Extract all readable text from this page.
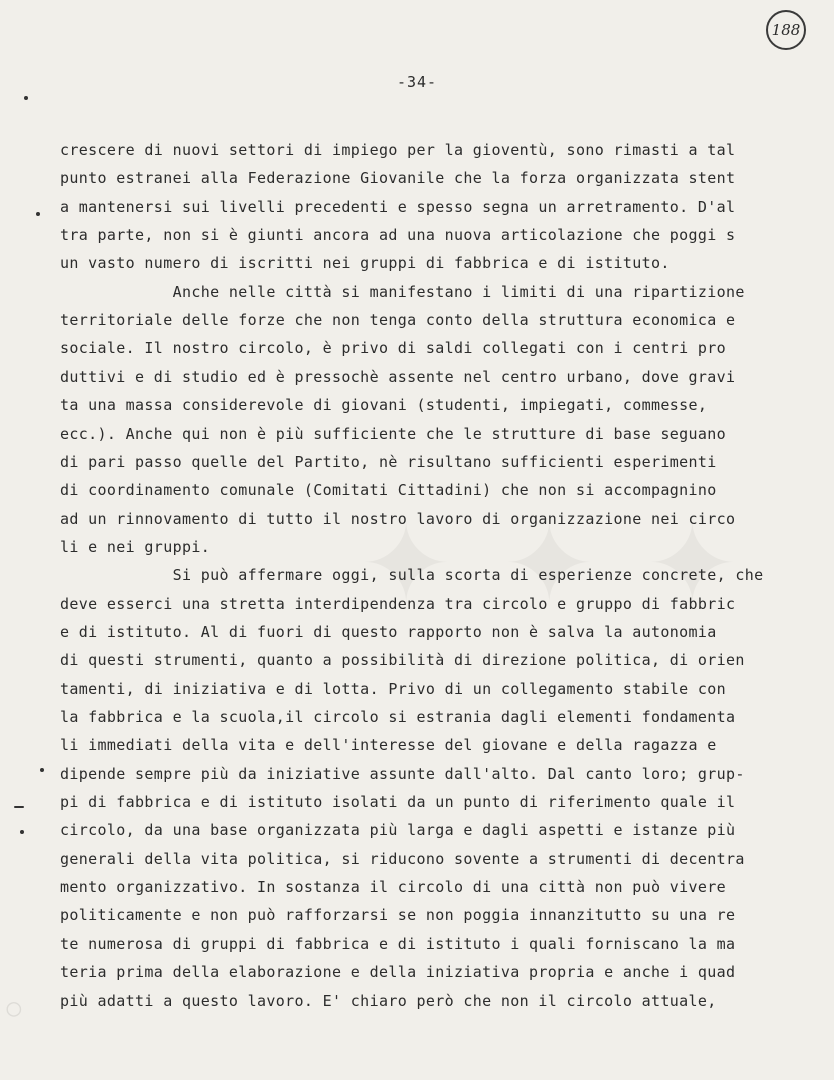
188
-34-
crescere di nuovi settori di impiego per la gioventù, sono rimasti a tal
punto estranei alla Federazione Giovanile che la forza organizzata stent
a mantenersi sui livelli precedenti e spesso segna un arretramento. D'al
tra parte, non si è giunti ancora ad una nuova articolazione che poggi s
un vasto numero di iscritti nei gruppi di fabbrica e di istituto.
Anche nelle città si manifestano i limiti di una ripartizione
territoriale delle forze che non tenga conto della struttura economica e
sociale. Il nostro circolo, è privo di saldi collegati con i centri pro
duttivi e di studio ed è pressochè assente nel centro urbano, dove gravi
ta una massa considerevole di giovani (studenti, impiegati, commesse,
ecc.). Anche qui non è più sufficiente che le strutture di base seguano
di pari passo quelle del Partito, nè risultano sufficienti esperimenti
di coordinamento comunale (Comitati Cittadini) che non si accompagnino
ad un rinnovamento di tutto il nostro lavoro di organizzazione nei circo
li e nei gruppi.
Si può affermare oggi, sulla scorta di esperienze concrete, che
deve esserci una stretta interdipendenza tra circolo e gruppo di fabbric
e di istituto. Al di fuori di questo rapporto non è salva la autonomia
di questi strumenti, quanto a possibilità di direzione politica, di orien
tamenti, di iniziativa e di lotta. Privo di un collegamento stabile con
la fabbrica e la scuola,il circolo si estrania dagli elementi fondamenta
li immediati della vita e dell'interesse del giovane e della ragazza e
dipende sempre più da iniziative assunte dall'alto. Dal canto loro; grup-
pi di fabbrica e di istituto isolati da un punto di riferimento quale il
circolo, da una base organizzata più larga e dagli aspetti e istanze più
generali della vita politica, si riducono sovente a strumenti di decentra
mento organizzativo. In sostanza il circolo di una città non può vivere
politicamente e non può rafforzarsi se non poggia innanzitutto su una re
te numerosa di gruppi di fabbrica e di istituto i quali forniscano la ma
teria prima della elaborazione e della iniziativa propria e anche i quad
più adatti a questo lavoro. E' chiaro però che non il circolo attuale,
◯
